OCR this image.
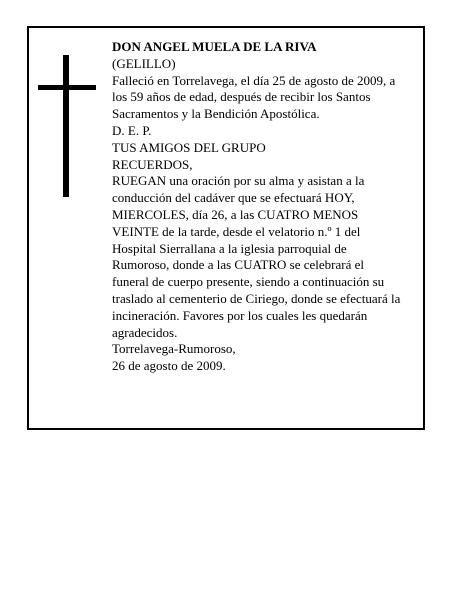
DON ANGEL MUELA DE LA RIVA

(GELILLO)

Falleció en Torrelavega, el día 25 de agosto de 2009, a
los 59 años de edad, después de recibir los Santos
Sacramentos y la Bendición Apostólica.

D. E. P.

TUS AMIGOS DEL GRUPO

RECUERDOS,

RUEGAN una oración por su alma y asistan a la
conducción del cadáver que se efectuará HOY,
MIERCOLES, día 26, a las CUATRO MENOS
VEINTE de la tarde, desde el velatorio n.º 1 del
Hospital Sierrallana a la iglesia parroquial de
Rumoroso, donde a las CUATRO se celebrará el
funeral de cuerpo presente, siendo a continuación su
traslado al cementerio de Ciriego, donde se efectuará la
incineración. Favores por los cuales les quedarán
agradecidos.

Torrelavega-Rumoroso,

26 de agosto de 2009.
